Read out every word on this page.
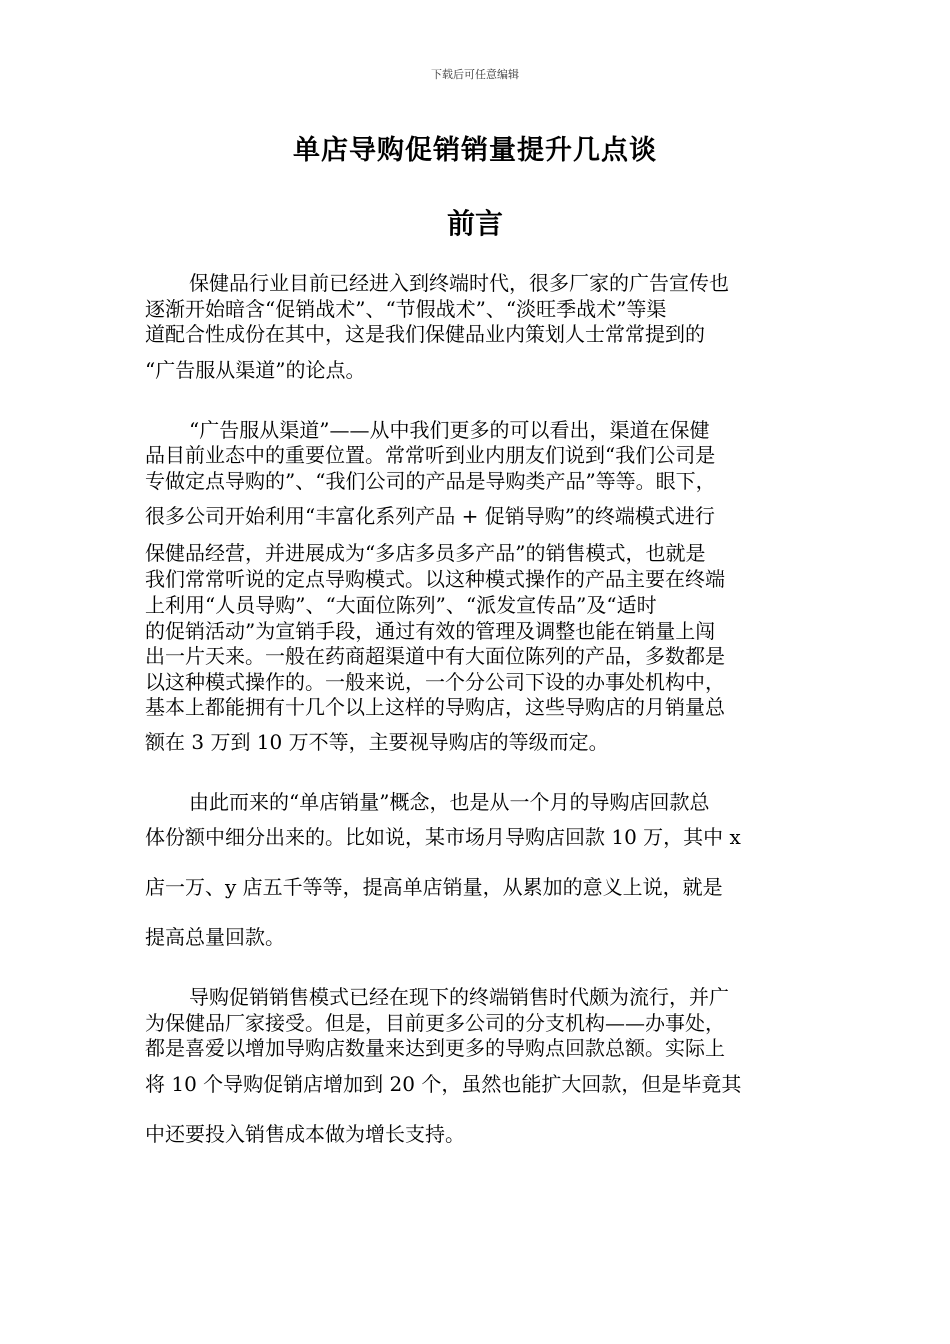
下载后可任意编辑
单店导购促销销量提升几点谈
前言
保健品行业目前已经进入到终端时代，很多厂家的广告宣传也
逐渐开始暗含“促销战术”、“节假战术”、“淡旺季战术”等渠
道配合性成份在其中，这是我们保健品业内策划人士常常提到的
“广告服从渠道”的论点。
“广告服从渠道”——从中我们更多的可以看出，渠道在保健
品目前业态中的重要位置。常常听到业内朋友们说到“我们公司是
专做定点导购的”、“我们公司的产品是导购类产品”等等。眼下，
很多公司开始利用“丰富化系列产品 + 促销导购”的终端模式进行
保健品经营，并进展成为“多店多员多产品”的销售模式，也就是
我们常常听说的定点导购模式。以这种模式操作的产品主要在终端
上利用“人员导购”、“大面位陈列”、“派发宣传品”及“适时
的促销活动”为宣销手段，通过有效的管理及调整也能在销量上闯
出一片天来。一般在药商超渠道中有大面位陈列的产品，多数都是
以这种模式操作的。一般来说，一个分公司下设的办事处机构中，
基本上都能拥有十几个以上这样的导购店，这些导购店的月销量总
额在 3 万到 10 万不等，主要视导购店的等级而定。
由此而来的“单店销量”概念，也是从一个月的导购店回款总
体份额中细分出来的。比如说，某市场月导购店回款 10 万，其中 x
店一万、y 店五千等等，提高单店销量，从累加的意义上说，就是
提高总量回款。
导购促销销售模式已经在现下的终端销售时代颇为流行，并广
为保健品厂家接受。但是，目前更多公司的分支机构——办事处，
都是喜爱以增加导购店数量来达到更多的导购点回款总额。实际上
将 10 个导购促销店增加到 20 个，虽然也能扩大回款，但是毕竟其
中还要投入销售成本做为增长支持。
